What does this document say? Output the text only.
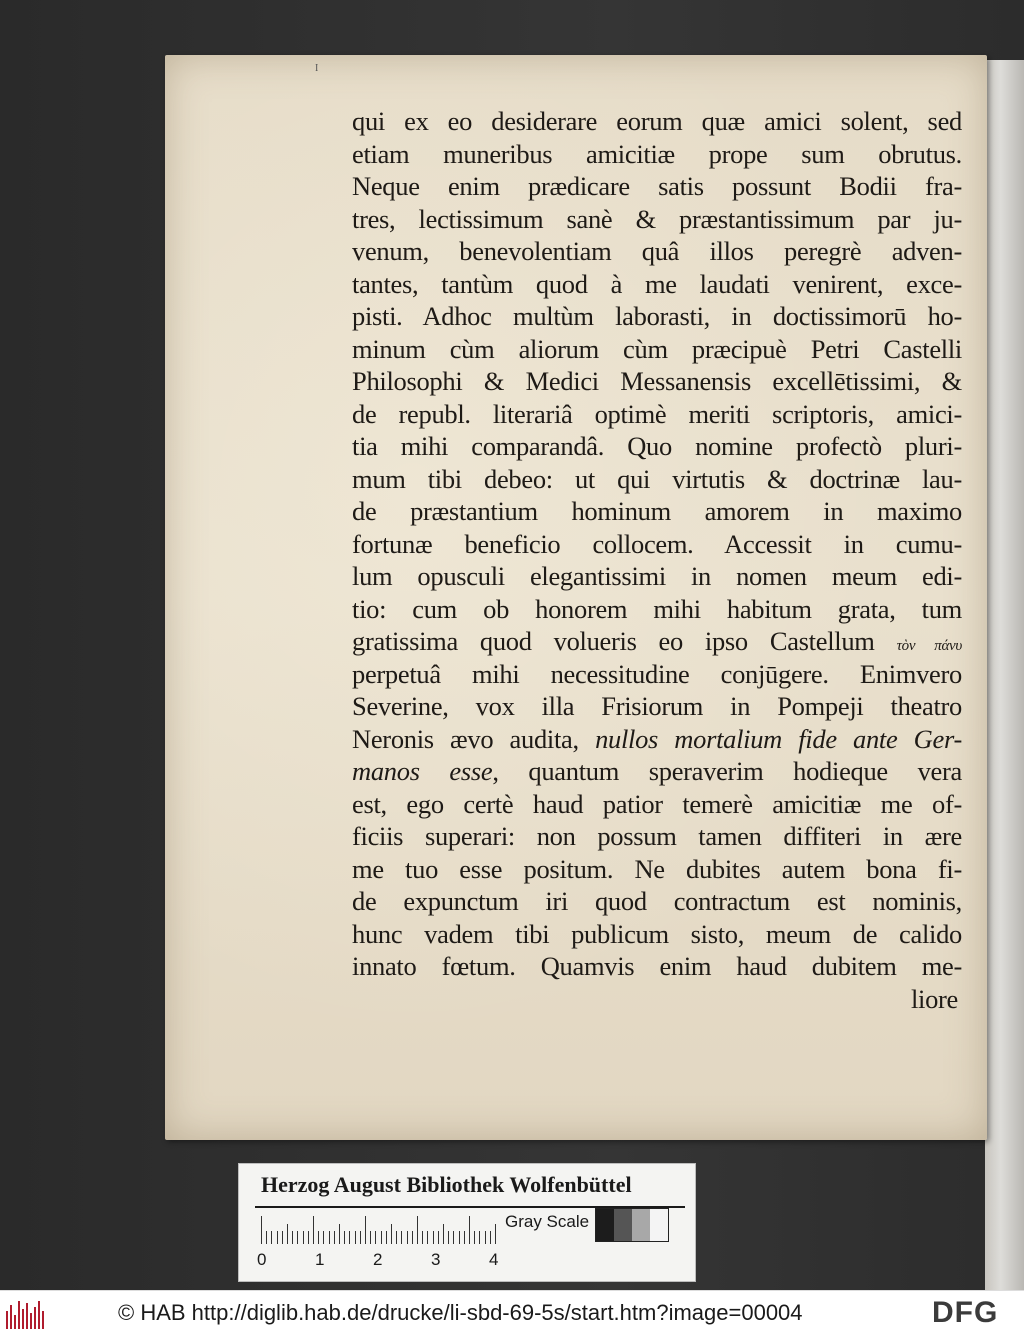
I
qui ex eo desiderare eorum quæ amici solent, sed
etiam muneribus amicitiæ prope sum obrutus.
Neque enim prædicare satis possunt Bodii fra-
tres, lectissimum sanè & præstantissimum par ju-
venum, benevolentiam quâ illos peregrè adven-
tantes, tantùm quod à me laudati venirent, exce-
pisti. Adhoc multùm laborasti, in doctissimorū ho-
minum cùm aliorum cùm præcipuè Petri Castelli
Philosophi & Medici Messanensis excellētissimi, &
de republ. literariâ optimè meriti scriptoris, amici-
tia mihi comparandâ. Quo nomine profectò pluri-
mum tibi debeo: ut qui virtutis & doctrinæ lau-
de præstantium hominum amorem in maximo
fortunæ beneficio collocem. Accessit in cumu-
lum opusculi elegantissimi in nomen meum edi-
tio: cum ob honorem mihi habitum grata, tum
gratissima quod volueris eo ipso Castellum τὸν πάνυ
perpetuâ mihi necessitudine conjūgere. Enimvero
Severine, vox illa Frisiorum in Pompeji theatro
Neronis ævo audita, nullos mortalium fide ante Ger-
manos esse, quantum speraverim hodieque vera
est, ego certè haud patior temerè amicitiæ me of-
ficiis superari: non possum tamen diffiteri in ære
me tuo esse positum. Ne dubites autem bona fi-
de expunctum iri quod contractum est nominis,
hunc vadem tibi publicum sisto, meum de calido
innato fœtum. Quamvis enim haud dubitem me-
liore
Herzog August Bibliothek Wolfenbüttel
0	1	2	3	4
Gray Scale
© HAB http://diglib.hab.de/drucke/li-sbd-69-5s/start.htm?image=00004	DFG
